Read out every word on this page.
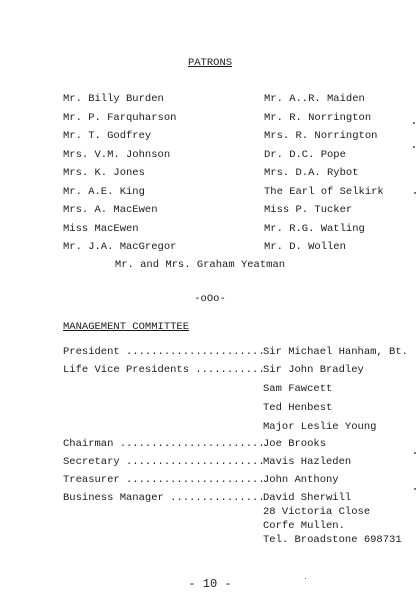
PATRONS
Mr. Billy Burden
Mr. P. Farquharson
Mr. T. Godfrey
Mrs. V.M. Johnson
Mrs. K. Jones
Mr. A.E. King
Mrs. A. MacEwen
Miss MacEwen
Mr. J.A. MacGregor
Mr. A..R. Maiden
Mr. R. Norrington
Mrs. R. Norrington
Dr. D.C. Pope
Mrs. D.A. Rybot
The Earl of Selkirk
Miss P. Tucker
Mr. R.G. Watling
Mr. D. Wollen
Mr. and Mrs. Graham Yeatman
-oOo-
MANAGEMENT COMMITTEE
President ......................
Sir Michael Hanham, Bt.
Life Vice Presidents ...........
Sir John Bradley
Sam Fawcett
Ted Henbest
Major Leslie Young
Chairman .......................
Joe Brooks
Secretary ......................
Mavis Hazleden
Treasurer ......................
John Anthony
Business Manager ...............
David Sherwill
28 Victoria Close
Corfe Mullen.
Tel. Broadstone 698731
- 10 -
